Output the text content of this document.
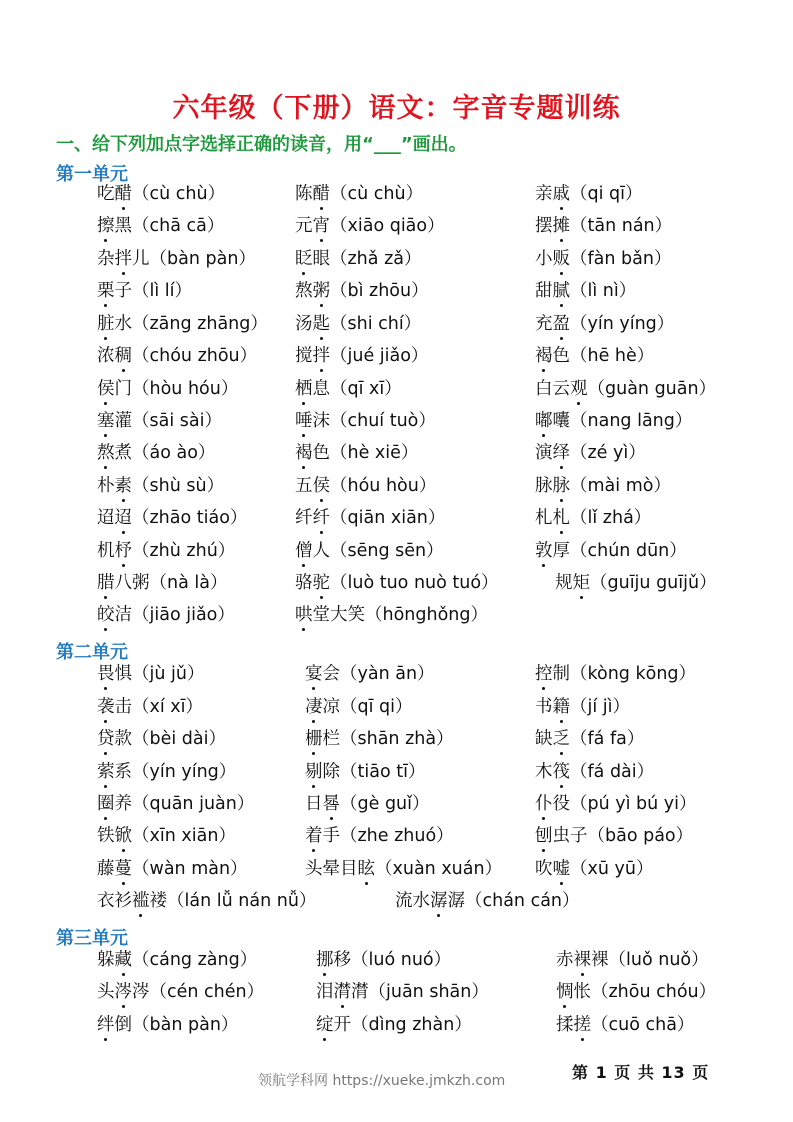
六年级（下册）语文：字音专题训练
一、给下列加点字选择正确的读音，用“___”画出。
第一单元
吃醋（cù chù）	陈醋（cù chù）	亲戚（qi qī）
擦黑（chā cā）	元宵（xiāo qiāo）	摆摊（tān nán）
杂拌儿（bàn pàn） 眨眼（zhǎ zǎ）	小贩（fàn bǎn）
栗子（lì lí）	熬粥（bì zhōu）	甜腻（lì nì）
脏水（zāng zhāng） 汤匙（shi chí）	充盈（yín yíng）
浓稠（chóu zhōu） 搅拌（jué jiǎo）	褐色（hē hè）
侯门（hòu hóu）	栖息（qī xī）	白云观（guàn guān）
塞灌（sāi sài）	唾沫（chuí tuò）	嘟囔（nang lāng）
熬煮（áo ào）	褐色（hè xiē）	演绎（zé yì）
朴素（shù sù）	五侯（hóu hòu）	脉脉（mài mò）
迢迢（zhāo tiáo）	纤纤（qiān xiān）	札札（lǐ zhá）
机杼（zhù zhú）	僧人（sēng sēn）	敦厚（chún dūn）
腊八粥（nà là）	骆驼（luò tuo nuò tuó）	规矩（guīju guījǔ）
皎洁（jiāo jiǎo）	哄堂大笑（hōnghǒng）
第二单元
畏惧（jù jǔ）	宴会（yàn ān）	控制（kòng kōng）
袭击（xí xī）	凄凉（qī qi）	书籍（jí jì）
贷款（bèi dài）	栅栏（shān zhà）	缺乏（fá fa）
萦系（yín yíng）	剔除（tiāo tī）	木筏（fá dài）
圈养（quān juàn）	日晷（gè guǐ）	仆役（pú yì bú yi）
铁锨（xīn xiān）	着手（zhe zhuó）	刨虫子（bāo páo）
藤蔓（wàn màn）	头晕目眩（xuàn xuán） 吹嘘（xū yū）
衣衫褴褛（lán lǚ nán nǚ）	流水潺潺（chán cán）
第三单元
躲藏（cáng zàng）	挪移（luó nuó）	赤裸裸（luǒ nuǒ）
头涔涔（cén chén）	泪潸潸（juān shān）	惆怅（zhōu chóu）
绊倒（bàn pàn）	绽开（dìng zhàn）	揉搓（cuō chā）
领航学科网 https://xueke.jmkzh.com	第 1 页 共 13 页
